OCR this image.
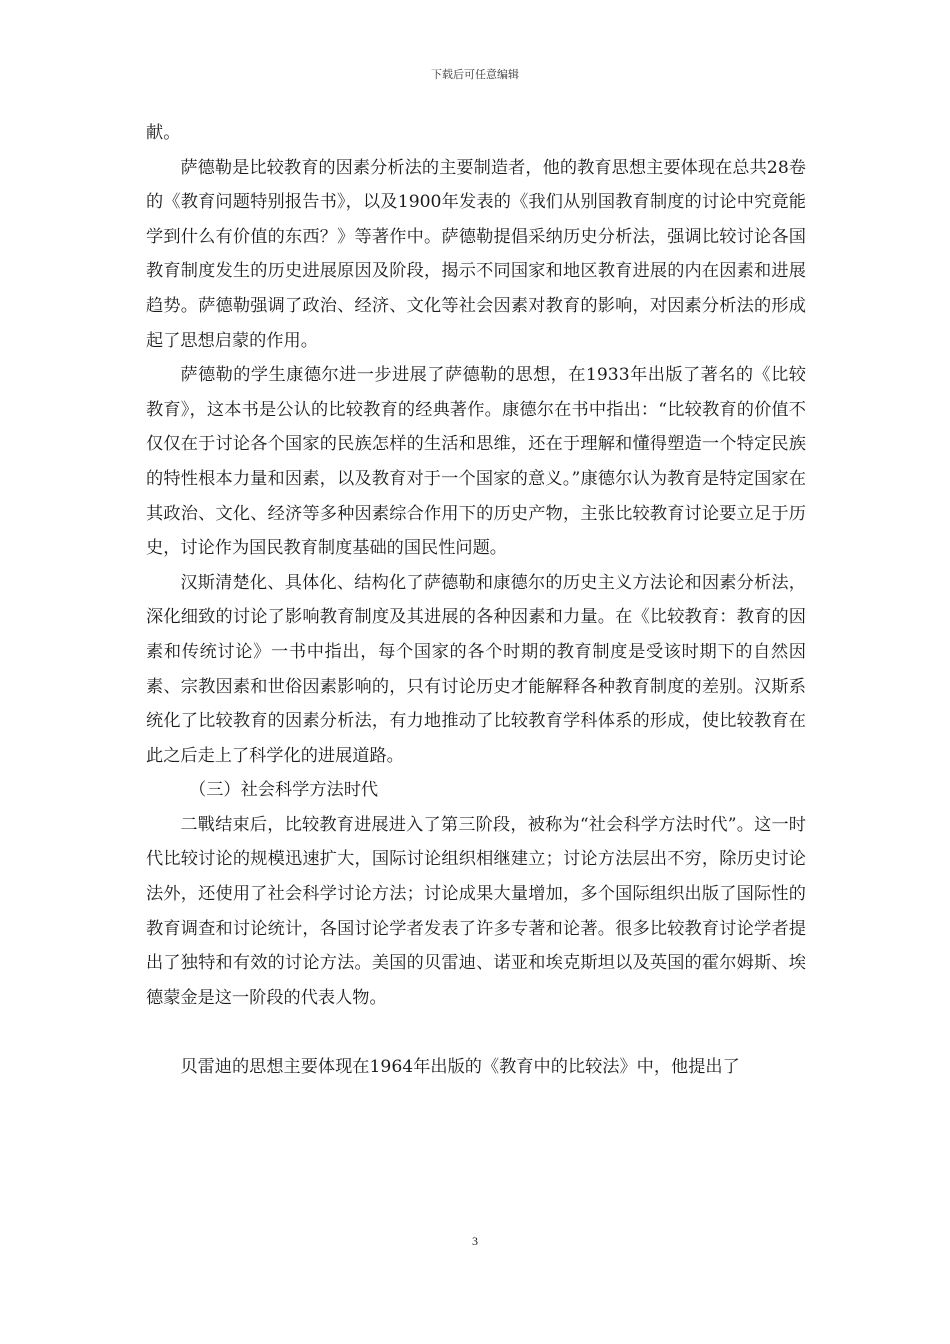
下载后可任意编辑

献。

萨德勒是比较教育的因素分析法的主要制造者，他的教育思想主要体现在总共28卷的《教育问题特别报告书》，以及1900年发表的《我们从别国教育制度的讨论中究竟能学到什么有价值的东西？》等著作中。萨德勒提倡采纳历史分析法，强调比较讨论各国教育制度发生的历史进展原因及阶段，揭示不同国家和地区教育进展的内在因素和进展趋势。萨德勒强调了政治、经济、文化等社会因素对教育的影响，对因素分析法的形成起了思想启蒙的作用。

萨德勒的学生康德尔进一步进展了萨德勒的思想，在1933年出版了著名的《比较教育》，这本书是公认的比较教育的经典著作。康德尔在书中指出：“比较教育的价值不仅仅在于讨论各个国家的民族怎样的生活和思维，还在于理解和懂得塑造一个特定民族的特性根本力量和因素，以及教育对于一个国家的意义。”康德尔认为教育是特定国家在其政治、文化、经济等多种因素综合作用下的历史产物，主张比较教育讨论要立足于历史，讨论作为国民教育制度基础的国民性问题。

汉斯清楚化、具体化、结构化了萨德勒和康德尔的历史主义方法论和因素分析法，深化细致的讨论了影响教育制度及其进展的各种因素和力量。在《比较教育：教育的因素和传统讨论》一书中指出，每个国家的各个时期的教育制度是受该时期下的自然因素、宗教因素和世俗因素影响的，只有讨论历史才能解释各种教育制度的差别。汉斯系统化了比较教育的因素分析法，有力地推动了比较教育学科体系的形成，使比较教育在此之后走上了科学化的进展道路。

（三）社会科学方法时代

二戰结束后，比较教育进展进入了第三阶段，被称为“社会科学方法时代”。这一时代比较讨论的规模迅速扩大，国际讨论组织相继建立；讨论方法层出不穷，除历史讨论法外，还使用了社会科学讨论方法；讨论成果大量增加，多个国际组织出版了国际性的教育调查和讨论统计，各国讨论学者发表了许多专著和论著。很多比较教育讨论学者提出了独特和有效的讨论方法。美国的贝雷迪、诺亚和埃克斯坦以及英国的霍尔姆斯、埃德蒙金是这一阶段的代表人物。

贝雷迪的思想主要体现在1964年出版的《教育中的比较法》中，他提出了

3
